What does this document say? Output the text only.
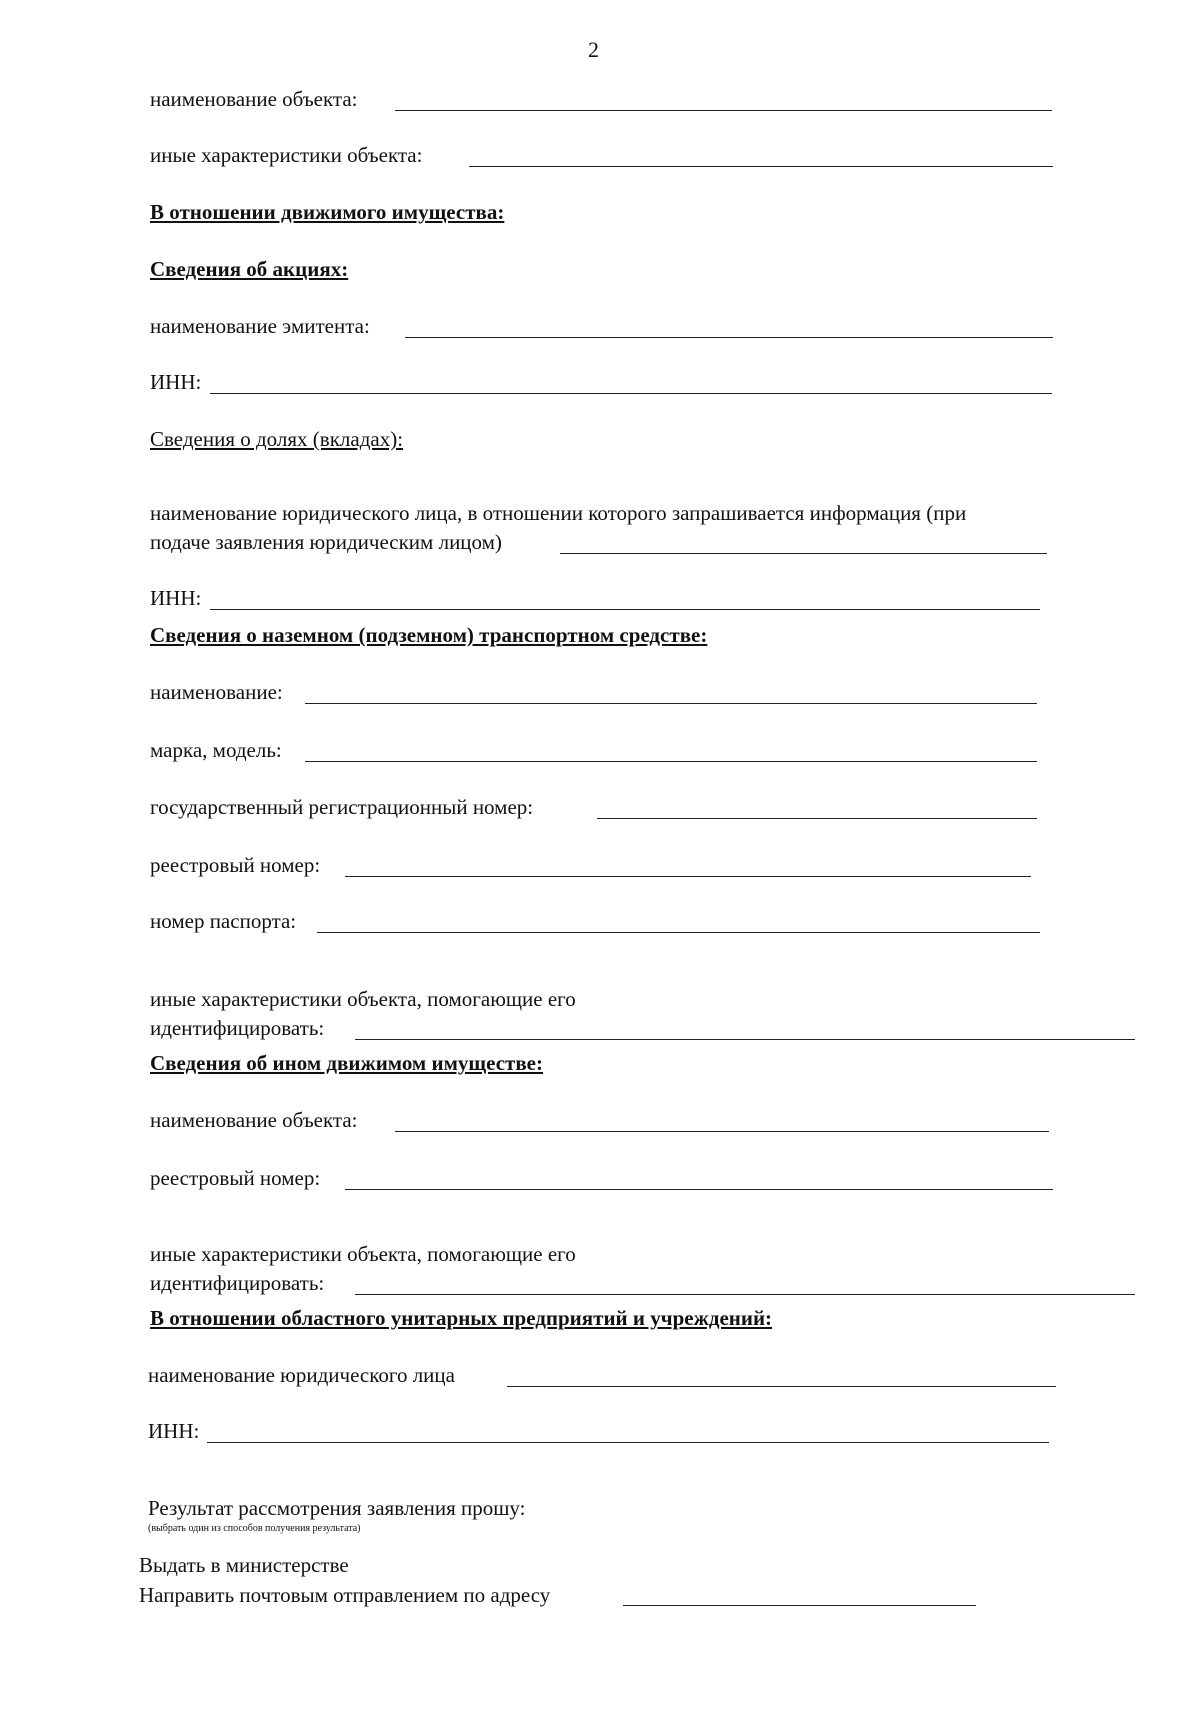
2
наименование объекта:
иные характеристики объекта:
наименование эмитента:
ИНН:
наименование:
марка, модель:
государственный регистрационный номер:
реестровый номер:
номер паспорта:
наименование объекта:
реестровый номер:
наименование юридического лица
ИНН:
В отношении движимого имущества:
Сведения об акциях:
Сведения о долях (вкладах):
Сведения о наземном (подземном) транспортном средстве:
Сведения об ином движимом имуществе:
В отношении областного унитарных предприятий и учреждений:
наименование юридического лица, в отношении которого запрашивается информация (при
подаче заявления юридическим лицом)
ИНН:
иные характеристики объекта, помогающие его
идентифицировать:
иные характеристики объекта, помогающие его
идентифицировать:
Результат рассмотрения заявления прошу:
(выбрать один из способов получения результата)
Выдать в министерстве
Направить почтовым отправлением по адресу
